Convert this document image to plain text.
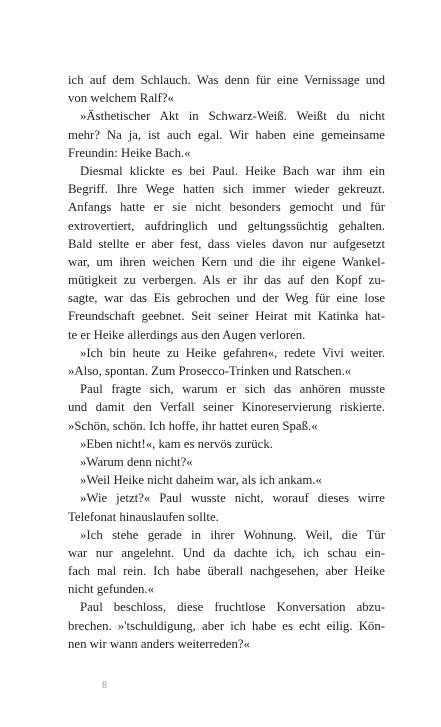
ich auf dem Schlauch. Was denn für eine Vernissage und
von welchem Ralf?«
»Ästhetischer Akt in Schwarz-Weiß. Weißt du nicht
mehr? Na ja, ist auch egal. Wir haben eine gemeinsame
Freundin: Heike Bach.«
Diesmal klickte es bei Paul. Heike Bach war ihm ein
Begriff. Ihre Wege hatten sich immer wieder gekreuzt.
Anfangs hatte er sie nicht besonders gemocht und für
extrovertiert, aufdringlich und geltungssüchtig gehalten.
Bald stellte er aber fest, dass vieles davon nur aufgesetzt
war, um ihren weichen Kern und die ihr eigene Wankel-
mütigkeit zu verbergen. Als er ihr das auf den Kopf zu-
sagte, war das Eis gebrochen und der Weg für eine lose
Freundschaft geebnet. Seit seiner Heirat mit Katinka hat-
te er Heike allerdings aus den Augen verloren.
»Ich bin heute zu Heike gefahren«, redete Vivi weiter.
»Also, spontan. Zum Prosecco-Trinken und Ratschen.«
Paul fragte sich, warum er sich das anhören musste
und damit den Verfall seiner Kinoreservierung riskierte.
»Schön, schön. Ich hoffe, ihr hattet euren Spaß.«
»Eben nicht!«, kam es nervös zurück.
»Warum denn nicht?«
»Weil Heike nicht daheim war, als ich ankam.«
»Wie jetzt?« Paul wusste nicht, worauf dieses wirre
Telefonat hinauslaufen sollte.
»Ich stehe gerade in ihrer Wohnung. Weil, die Tür
war nur angelehnt. Und da dachte ich, ich schau ein-
fach mal rein. Ich habe überall nachgesehen, aber Heike
nicht gefunden.«
Paul beschloss, diese fruchtlose Konversation abzu-
brechen. »'tschuldigung, aber ich habe es echt eilig. Kön-
nen wir wann anders weiterreden?«
8
